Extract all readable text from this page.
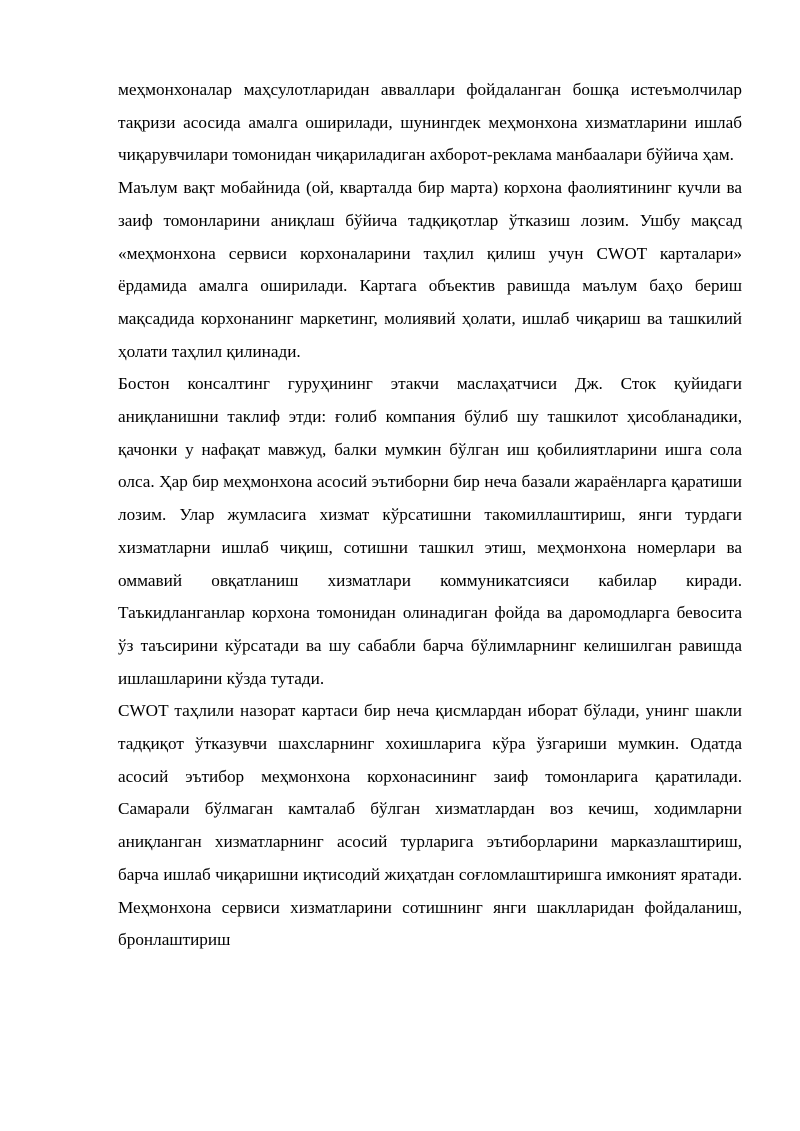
меҳмонхоналар маҳсулотларидан авваллари фойдаланган бошқа истеъмолчилар тақризи асосида амалга оширилади, шунингдек меҳмонхона хизматларини ишлаб чиқарувчилари томонидан чиқариладиган ахборот-реклама манбаалари бўйича ҳам.

Маълум вақт мобайнида (ой, кварталда бир марта) корхона фаолиятининг кучли ва заиф томонларини аниқлаш бўйича тадқиқотлар ўтказиш лозим. Ушбу мақсад «меҳмонхона сервиси корхоналарини таҳлил қилиш учун CWOT карталари» ёрдамида амалга оширилади. Картага объектив равишда маълум баҳо бериш мақсадида корхонанинг маркетинг, молиявий ҳолати, ишлаб чиқариш ва ташкилий ҳолати таҳлил қилинади.

Бостон консалтинг гуруҳининг этакчи маслаҳатчиси Дж. Сток қуйидаги аниқланишни таклиф этди: ғолиб компания бўлиб шу ташкилот ҳисобланадики, қачонки у нафақат мавжуд, балки мумкин бўлган иш қобилиятларини ишга сола олса. Ҳар бир меҳмонхона асосий эътиборни бир неча базали жараёнларга қаратиши лозим. Улар жумласига хизмат кўрсатишни такомиллаштириш, янги турдаги хизматларни ишлаб чиқиш, сотишни ташкил этиш, меҳмонхона номерлари ва оммавий овқатланиш хизматлари коммуникатсияси кабилар киради. Таъкидланганлар корхона томонидан олинадиган фойда ва даромодларга бевосита ўз таъсирини кўрсатади ва шу сабабли барча бўлимларнинг келишилган равишда ишлашларини кўзда тутади.

CWOT таҳлили назорат картаси бир неча қисмлардан иборат бўлади, унинг шакли тадқиқот ўтказувчи шахсларнинг хохишларига кўра ўзгариши мумкин. Одатда асосий эътибор меҳмонхона корхонасининг заиф томонларига қаратилади. Самарали бўлмаган камталаб бўлган хизматлардан воз кечиш, ходимларни аниқланган хизматларнинг асосий турларига эътиборларини марказлаштириш, барча ишлаб чиқаришни иқтисодий жиҳатдан соғломлаштиришга имконият яратади. Меҳмонхона сервиси хизматларини сотишнинг янги шаклларидан фойдаланиш, бронлаштириш
